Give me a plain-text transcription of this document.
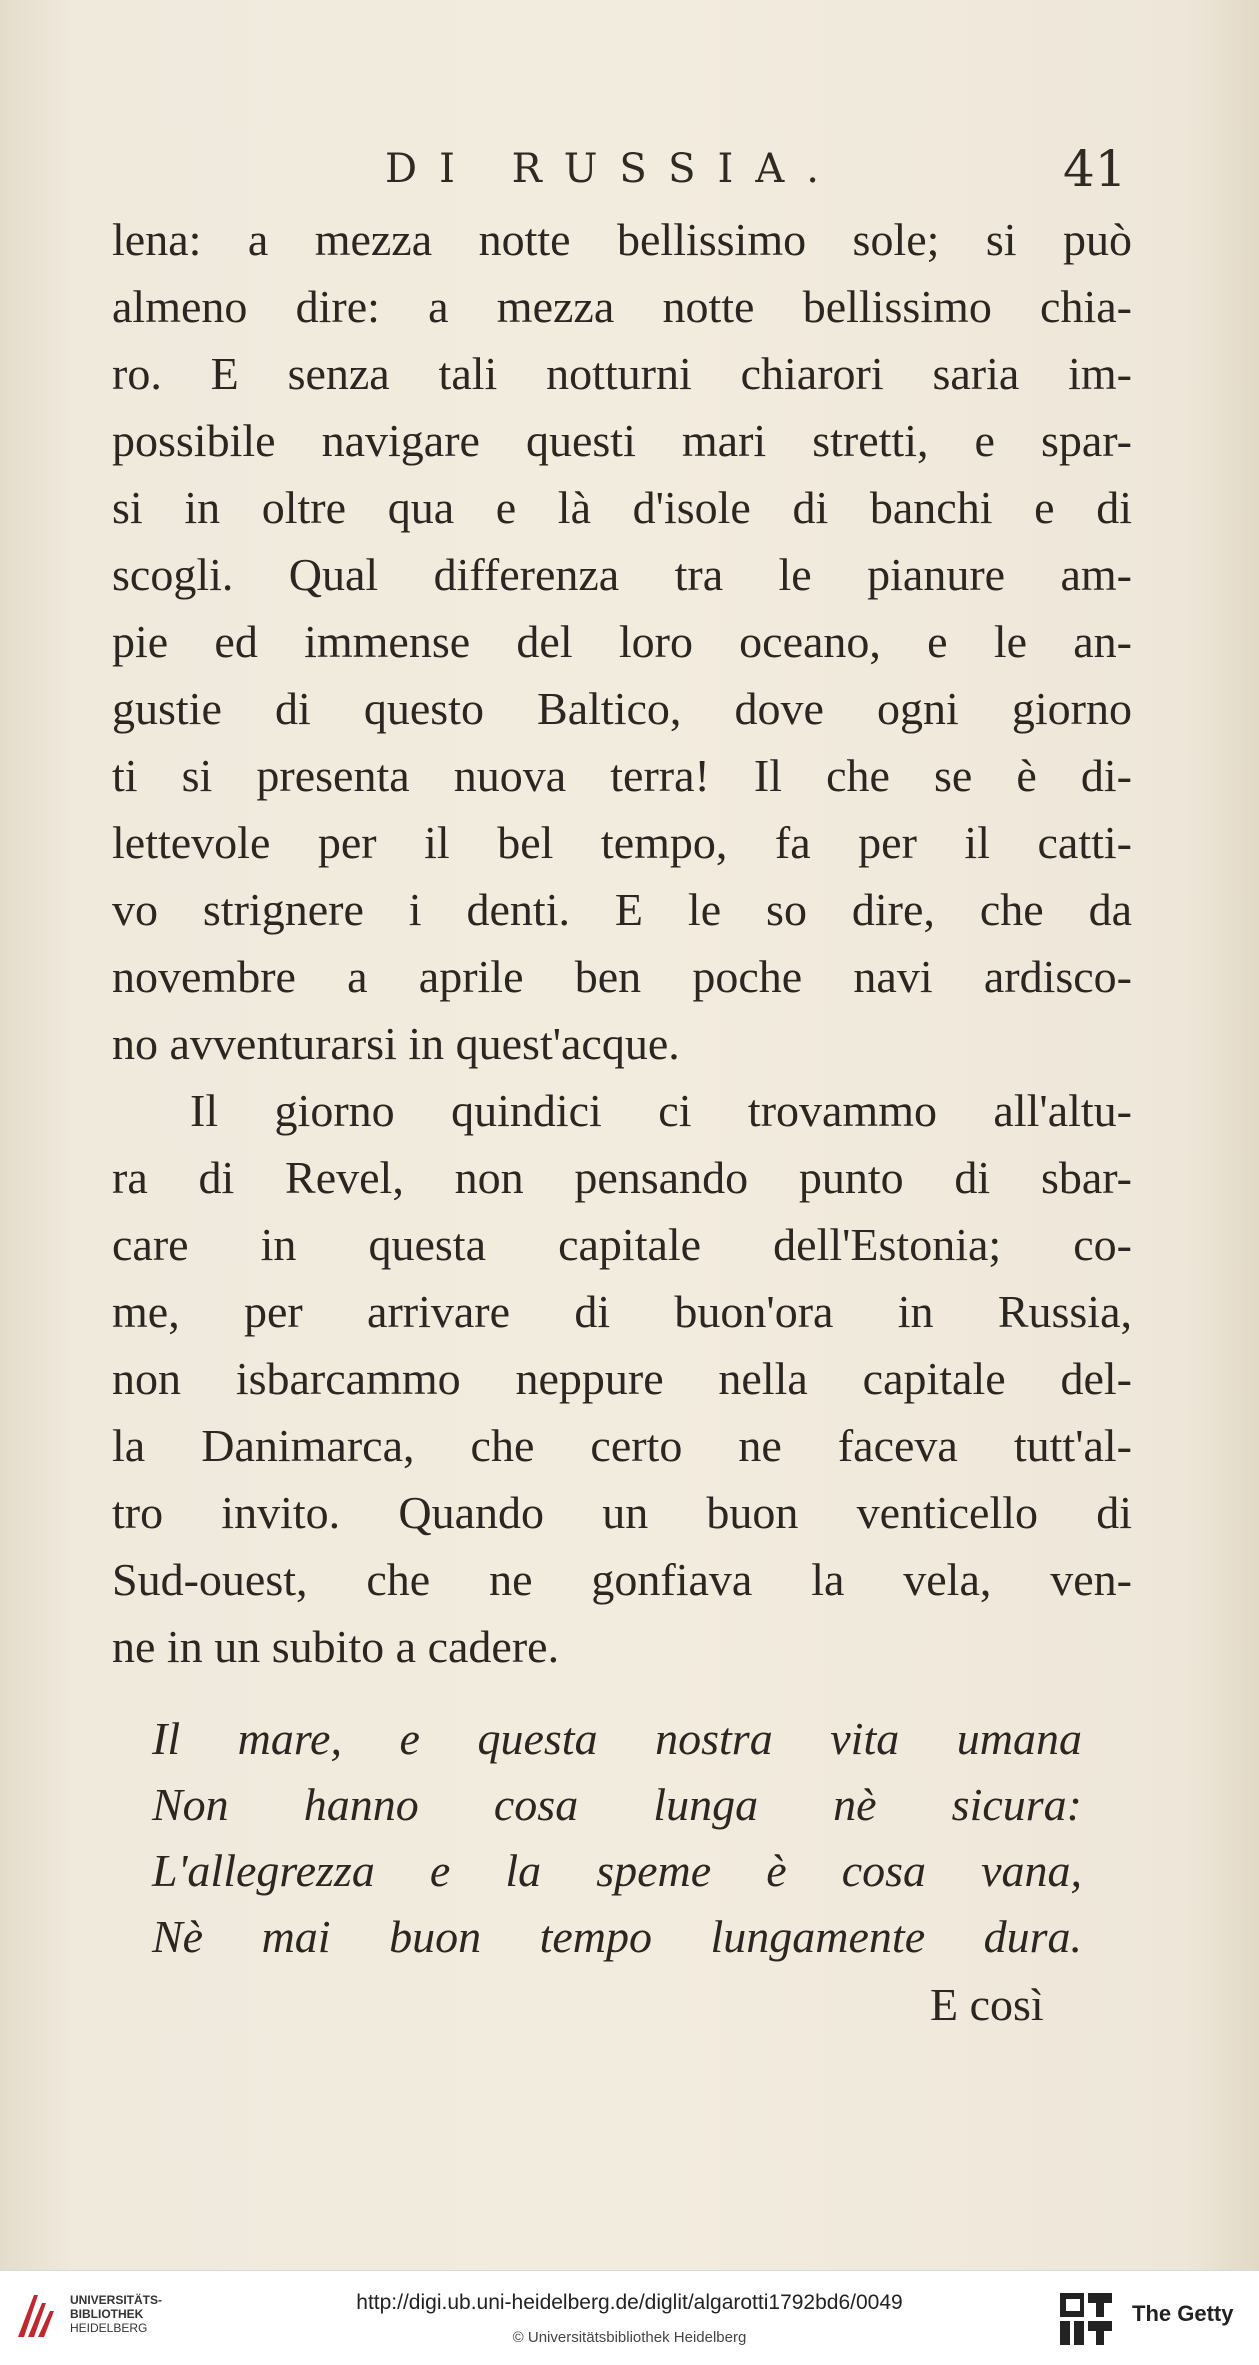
DI RUSSIA.	41
lena: a mezza notte bellissimo sole; si può
almeno dire: a mezza notte bellissimo chia-
ro. E senza tali notturni chiarori saria im-
possibile navigare questi mari stretti, e spar-
si in oltre qua e là d'isole di banchi e di
scogli. Qual differenza tra le pianure am-
pie ed immense del loro oceano, e le an-
gustie di questo Baltico, dove ogni giorno
ti si presenta nuova terra! Il che se è di-
lettevole per il bel tempo, fa per il catti-
vo strignere i denti. E le so dire, che da
novembre a aprile ben poche navi ardisco-
no avventurarsi in quest'acque.
Il giorno quindici ci trovammo all'altu-
ra di Revel, non pensando punto di sbar-
care in questa capitale dell'Estonia; co-
me, per arrivare di buon'ora in Russia,
non isbarcammo neppure nella capitale del-
la Danimarca, che certo ne faceva tutt'al-
tro invito. Quando un buon venticello di
Sud-ouest, che ne gonfiava la vela, ven-
ne in un subito a cadere.
Il mare, e questa nostra vita umana
Non hanno cosa lunga nè sicura:
L'allegrezza e la speme è cosa vana,
Nè mai buon tempo lungamente dura.
E così
UNIVERSITÄTS-
BIBLIOTHEK
HEIDELBERG
http://digi.ub.uni-heidelberg.de/diglit/algarotti1792bd6/0049
© Universitätsbibliothek Heidelberg
The Getty
